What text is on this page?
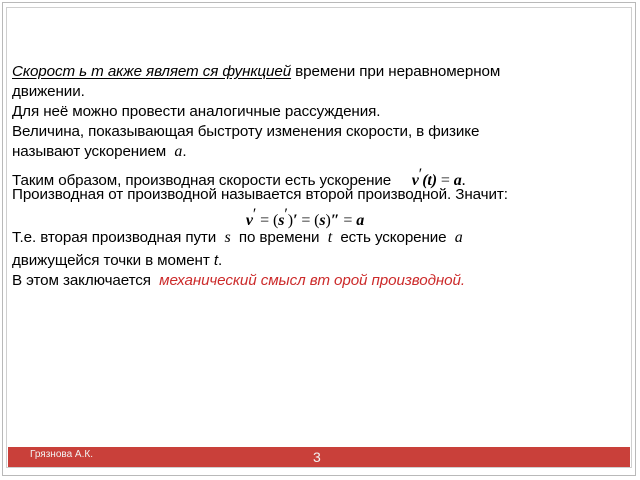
Скорост ь т акже являет ся функцией времени при неравномерном
движении.
Для неё можно провести аналогичные рассуждения.
Величина, показывающая быстроту изменения скорости, в физике
называют ускорением a.
Таким образом, производная скорости есть ускорение v′(t) = a.
Производная от производной называется второй производной. Значит:
v′ = (s′)′ = (s)″ = a
Т.е. вторая производная пути s по времени t есть ускорение a
движущейся точки в момент t.
В этом заключается механический смысл вт орой производной.
Грязнова А.К.	3
